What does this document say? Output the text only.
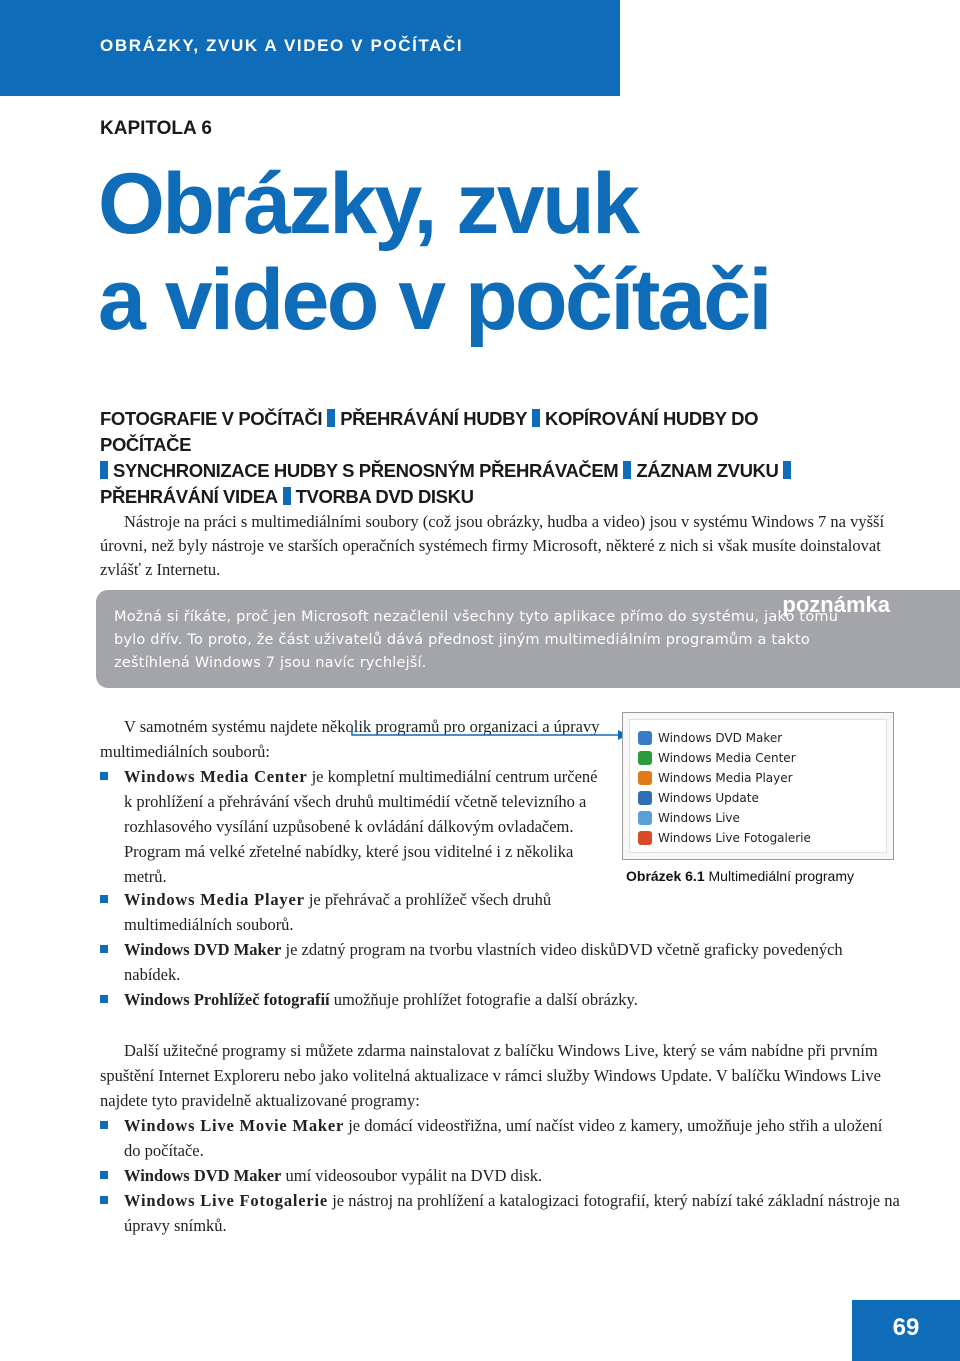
OBRÁZKY, ZVUK A VIDEO V POČÍTAČI
KAPITOLA 6
Obrázky, zvuk
a video v počítači
FOTOGRAFIE V POČÍTAČI PŘEHRÁVÁNÍ HUDBY KOPÍROVÁNÍ HUDBY DO POČÍTAČE
SYNCHRONIZACE HUDBY S PŘENOSNÝM PŘEHRÁVAČEM ZÁZNAM ZVUKU
PŘEHRÁVÁNÍ VIDEA TVORBA DVD DISKU

Nástroje na práci s multimediálními soubory (což jsou obrázky, hudba a video) jsou v systému Windows 7 na vyšší úrovni, než byly nástroje ve starších operačních systémech firmy Microsoft, některé z nich si však musíte doinstalovat zvlášť z Internetu.

poznámka

Možná si říkáte, proč jen Microsoft nezačlenil všechny tyto aplikace přímo do systému, jako tomu bylo dřív. To proto, že část uživatelů dává přednost jiným multimediálním programům a takto zeštíhlená Windows 7 jsou navíc rychlejší.

V samotném systému najdete několik programů pro organizaci a úpravy multimediálních souborů:
Windows Media Center je kompletní multimediální centrum určené k prohlížení a přehrávání všech druhů multimédií včetně televizního a rozhlasového vysílání uzpůsobené k ovládání dálkovým ovladačem. Program má velké zřetelné nabídky, které jsou viditelné i z několika metrů.
Windows Media Player je přehrávač a prohlížeč všech druhů multimediálních souborů.
Windows DVD Maker je zdatný program na tvorbu vlastních video diskůDVD včetně graficky povedených nabídek.
Windows Prohlížeč fotografií umožňuje prohlížet fotografie a další obrázky.
Windows DVD Maker
Windows Media Center
Windows Media Player
Windows Update
Windows Live
Windows Live Fotogalerie
Obrázek 6.1 Multimediální programy
Další užitečné programy si můžete zdarma nainstalovat z balíčku Windows Live, který se vám nabídne při prvním spuštění Internet Exploreru nebo jako volitelná aktualizace v rámci služby Windows Update. V balíčku Windows Live najdete tyto pravidelně aktualizované programy:
Windows Live Movie Maker je domácí videostřižna, umí načíst video z kamery, umožňuje jeho střih a uložení do počítače.
Windows DVD Maker umí videosoubor vypálit na DVD disk.
Windows Live Fotogalerie je nástroj na prohlížení a katalogizaci fotografií, který nabízí také základní nástroje na úpravy snímků.
69
